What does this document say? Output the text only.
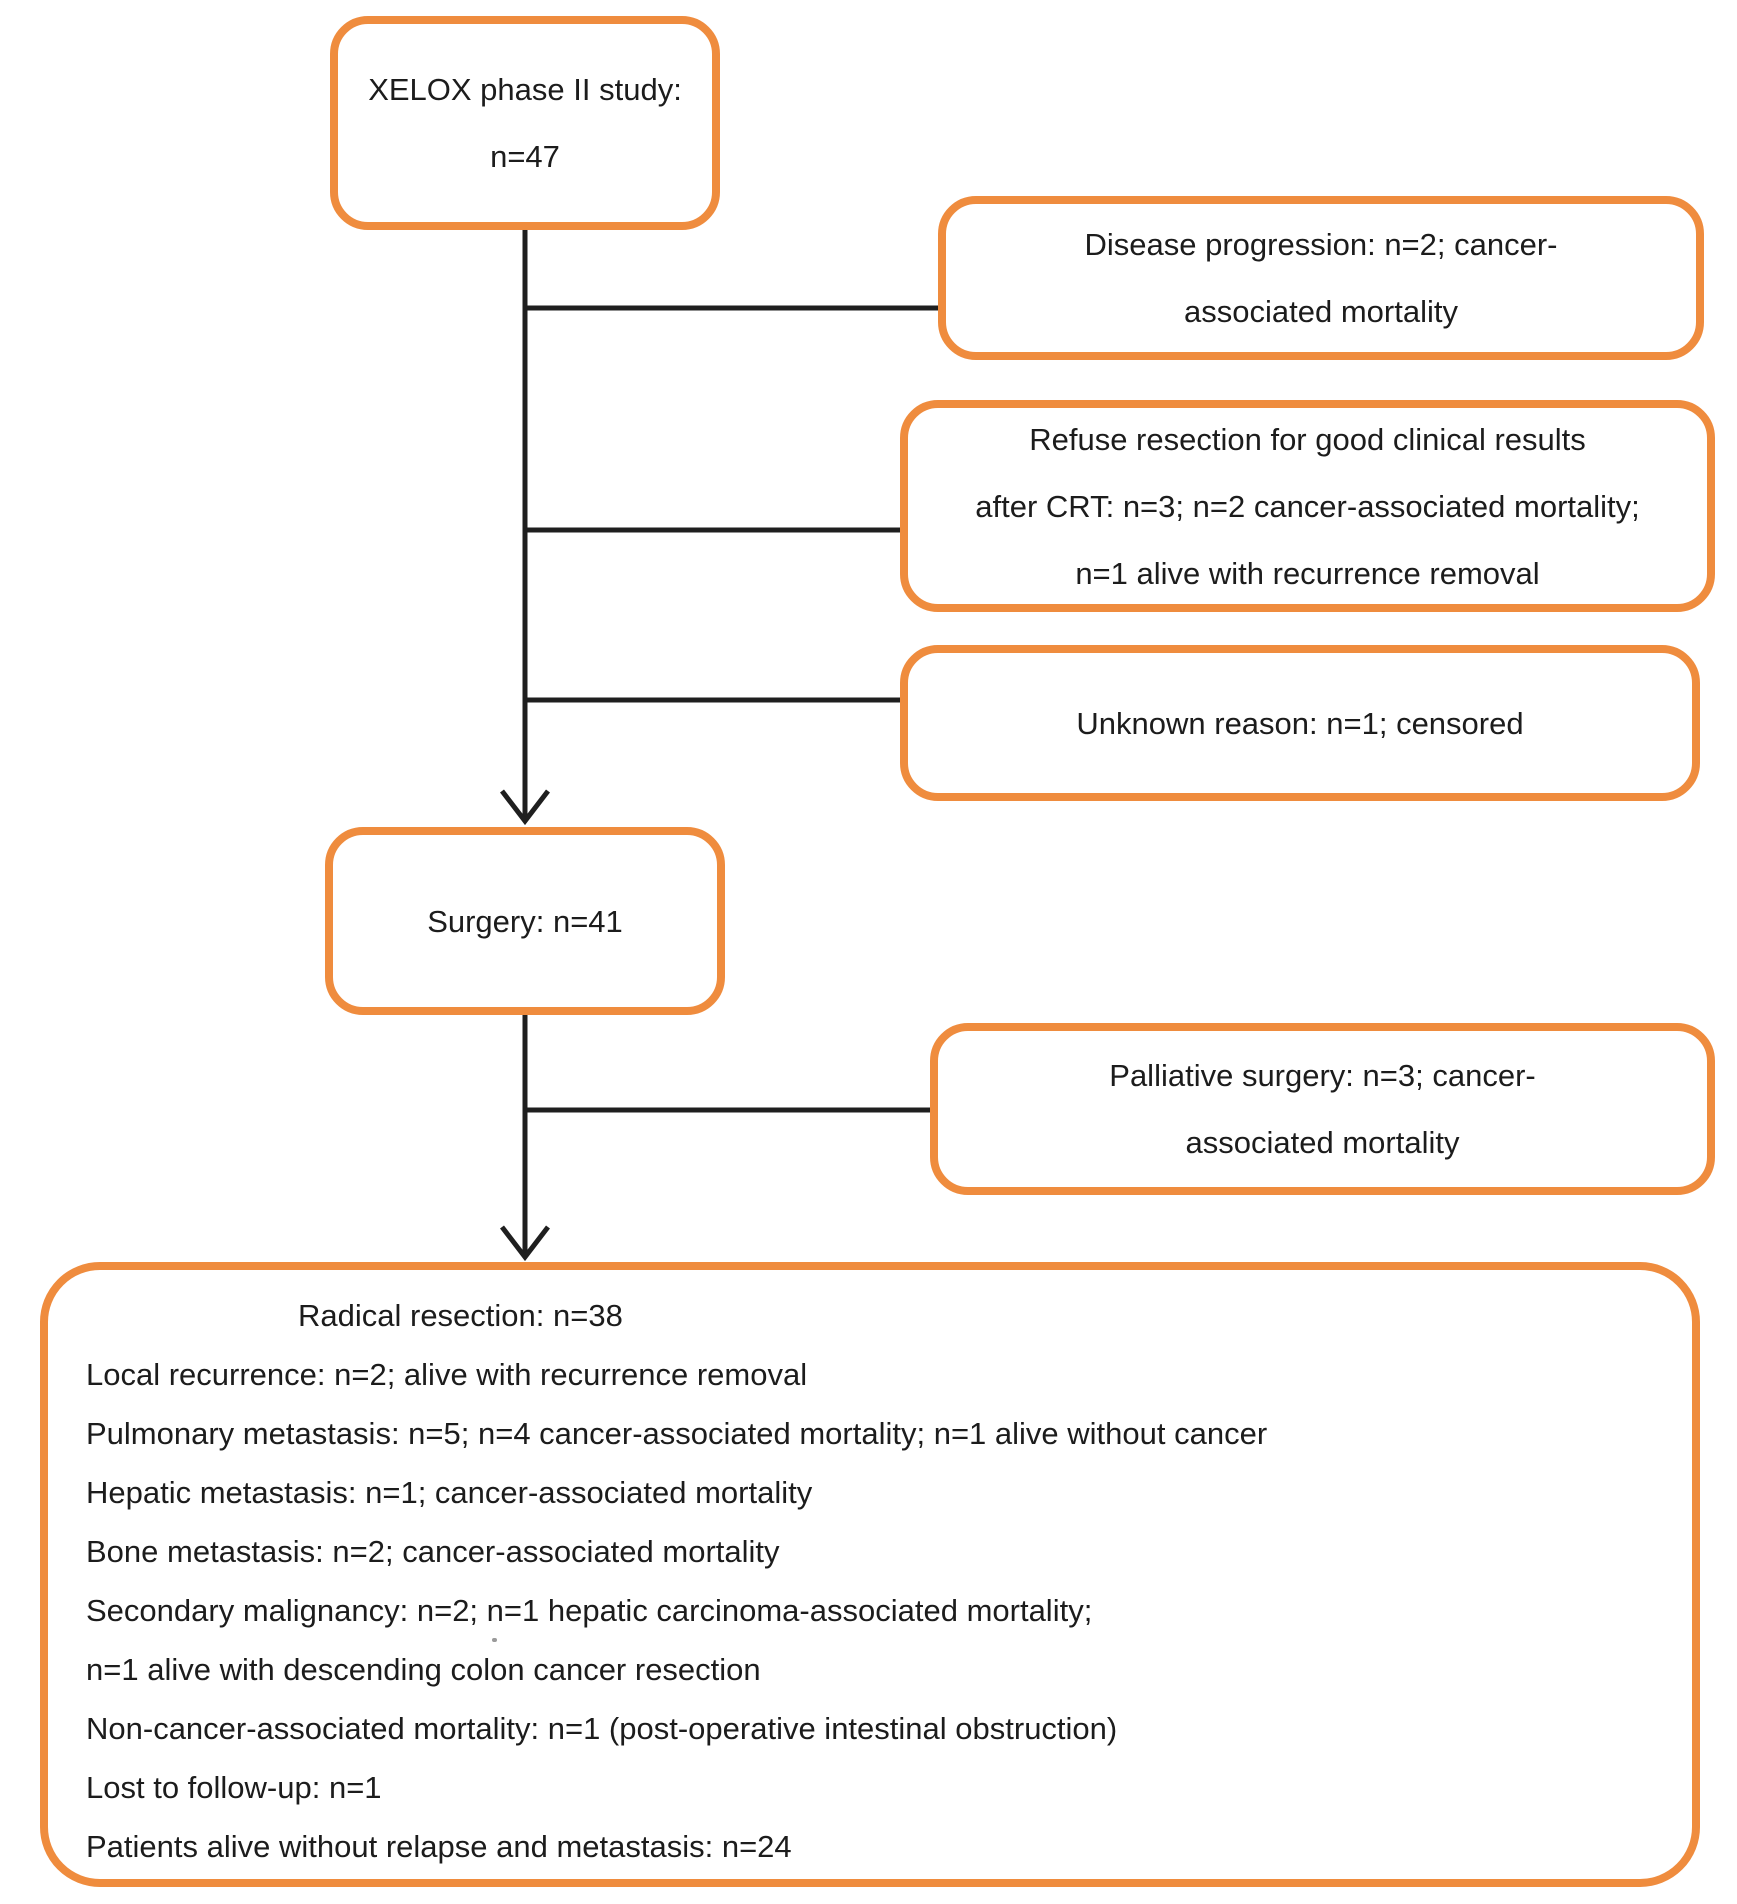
XELOX phase II study:
n=47
Disease progression: n=2; cancer-
associated mortality
Refuse resection for good clinical results
after CRT: n=3; n=2 cancer-associated mortality;
n=1 alive with recurrence removal
Unknown reason: n=1; censored
Surgery: n=41
Palliative surgery: n=3; cancer-
associated mortality
Radical resection: n=38
Local recurrence: n=2; alive with recurrence removal
Pulmonary metastasis: n=5; n=4 cancer-associated mortality; n=1 alive without cancer
Hepatic metastasis: n=1; cancer-associated mortality
Bone metastasis: n=2; cancer-associated mortality
Secondary malignancy: n=2; n=1 hepatic carcinoma-associated mortality;
n=1 alive with descending colon cancer resection
Non-cancer-associated mortality: n=1 (post-operative intestinal obstruction)
Lost to follow-up: n=1
Patients alive without relapse and metastasis: n=24
